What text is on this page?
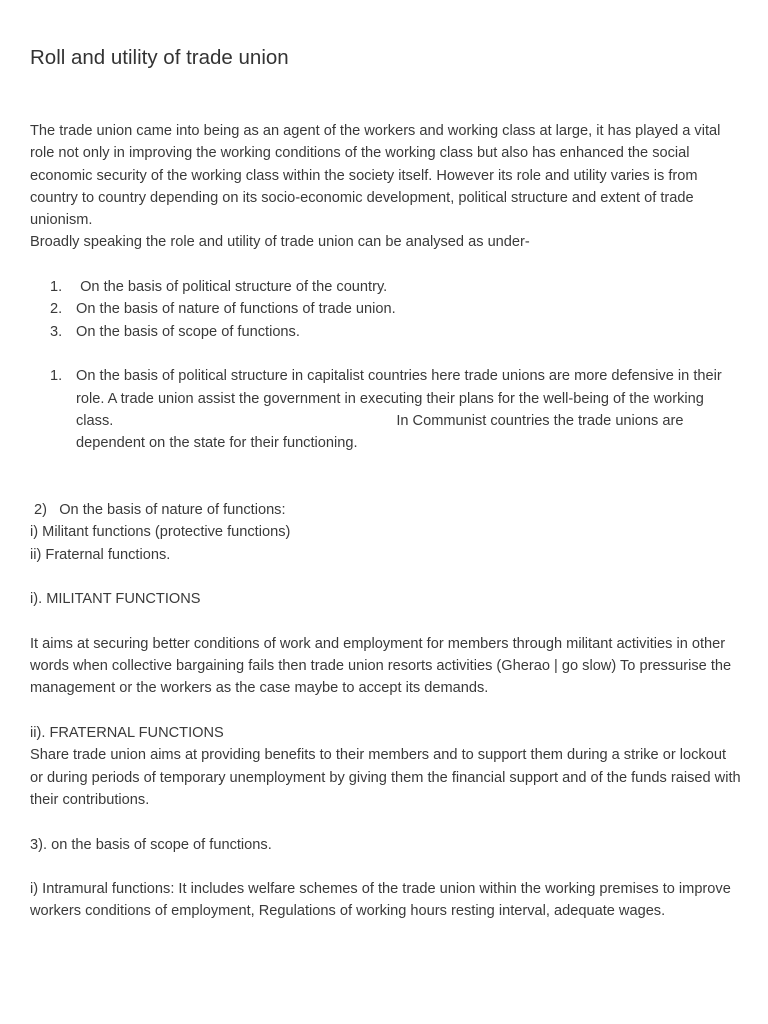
Roll and utility of trade union

The trade union came into being as an agent of the workers and working class at large, it has played a vital role not only in improving the working conditions of the working class but also has enhanced the social economic security of the working class within the society itself. However its role and utility varies is from country to country depending on its socio-economic development, political structure and extent of trade unionism.

Broadly speaking the role and utility of trade union can be analysed as under-

1. On the basis of political structure of the country.
2. On the basis of nature of functions of trade union.
3. On the basis of scope of functions.
1. On the basis of political structure in capitalist countries here trade unions are more defensive in their role. A trade union assist the government in executing their plans for the well-being of the working class.	In Communist countries the trade unions are dependent on the state for their functioning.

2)   On the basis of nature of functions:

i) Militant functions (protective functions)

ii) Fraternal functions.

i). MILITANT FUNCTIONS

It aims at securing better conditions of work and employment for members through militant activities in other words when collective bargaining fails then trade union resorts activities (Gherao | go slow) To pressurise the management or the workers as the case maybe to accept its demands.

ii). FRATERNAL FUNCTIONS

Share trade union aims at providing benefits to their members and to support them during a strike or lockout or during periods of temporary unemployment by giving them the financial support and of the funds raised with their contributions.

3). on the basis of scope of functions.

i) Intramural functions: It includes welfare schemes of the trade union within the working premises to improve workers conditions of employment, Regulations of working hours resting interval, adequate wages.
